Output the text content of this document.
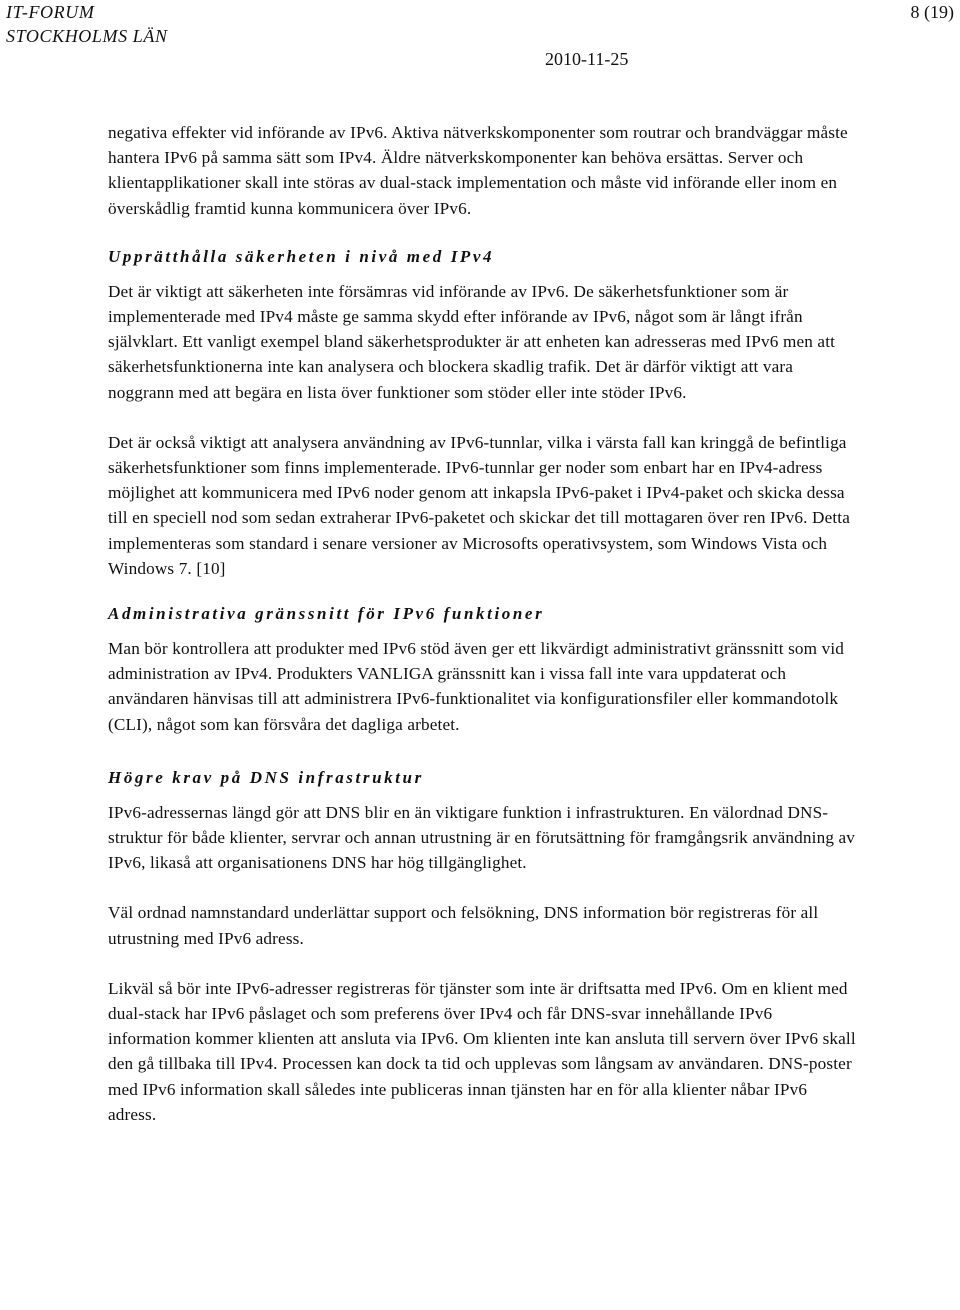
IT-FORUM
STOCKHOLMS LÄN
8 (19)
2010-11-25

negativa effekter vid införande av IPv6. Aktiva nätverkskomponenter som routrar och brandväggar måste hantera IPv6 på samma sätt som IPv4. Äldre nätverkskomponenter kan behöva ersättas. Server och klientapplikationer skall inte störas av dual-stack implementation och måste vid införande eller inom en överskådlig framtid kunna kommunicera över IPv6.

Upprätthålla säkerheten i nivå med IPv4

Det är viktigt att säkerheten inte försämras vid införande av IPv6. De säkerhetsfunktioner som är implementerade med IPv4 måste ge samma skydd efter införande av IPv6, något som är långt ifrån självklart. Ett vanligt exempel bland säkerhetsprodukter är att enheten kan adresseras med IPv6 men att säkerhetsfunktionerna inte kan analysera och blockera skadlig trafik. Det är därför viktigt att vara noggrann med att begära en lista över funktioner som stöder eller inte stöder IPv6.

Det är också viktigt att analysera användning av IPv6-tunnlar, vilka i värsta fall kan kringgå de befintliga säkerhetsfunktioner som finns implementerade. IPv6-tunnlar ger noder som enbart har en IPv4-adress möjlighet att kommunicera med IPv6 noder genom att inkapsla IPv6-paket i IPv4-paket och skicka dessa till en speciell nod som sedan extraherar IPv6-paketet och skickar det till mottagaren över ren IPv6. Detta implementeras som standard i senare versioner av Microsofts operativsystem, som Windows Vista och Windows 7. [10]

Administrativa gränssnitt för IPv6 funktioner

Man bör kontrollera att produkter med IPv6 stöd även ger ett likvärdigt administrativt gränssnitt som vid administration av IPv4. Produkters VANLIGA gränssnitt kan i vissa fall inte vara uppdaterat och användaren hänvisas till att administrera IPv6-funktionalitet via konfigurationsfiler eller kommandotolk (CLI), något som kan försvåra det dagliga arbetet.

Högre krav på DNS infrastruktur

IPv6-adressernas längd gör att DNS blir en än viktigare funktion i infrastrukturen. En välordnad DNS-struktur för både klienter, servrar och annan utrustning är en förutsättning för framgångsrik användning av IPv6, likaså att organisationens DNS har hög tillgänglighet.

Väl ordnad namnstandard underlättar support och felsökning, DNS information bör registreras för all utrustning med IPv6 adress.

Likväl så bör inte IPv6-adresser registreras för tjänster som inte är driftsatta med IPv6. Om en klient med dual-stack har IPv6 påslaget och som preferens över IPv4 och får DNS-svar innehållande IPv6 information kommer klienten att ansluta via IPv6. Om klienten inte kan ansluta till servern över IPv6 skall den gå tillbaka till IPv4. Processen kan dock ta tid och upplevas som långsam av användaren. DNS-poster med IPv6 information skall således inte publiceras innan tjänsten har en för alla klienter nåbar IPv6 adress.
